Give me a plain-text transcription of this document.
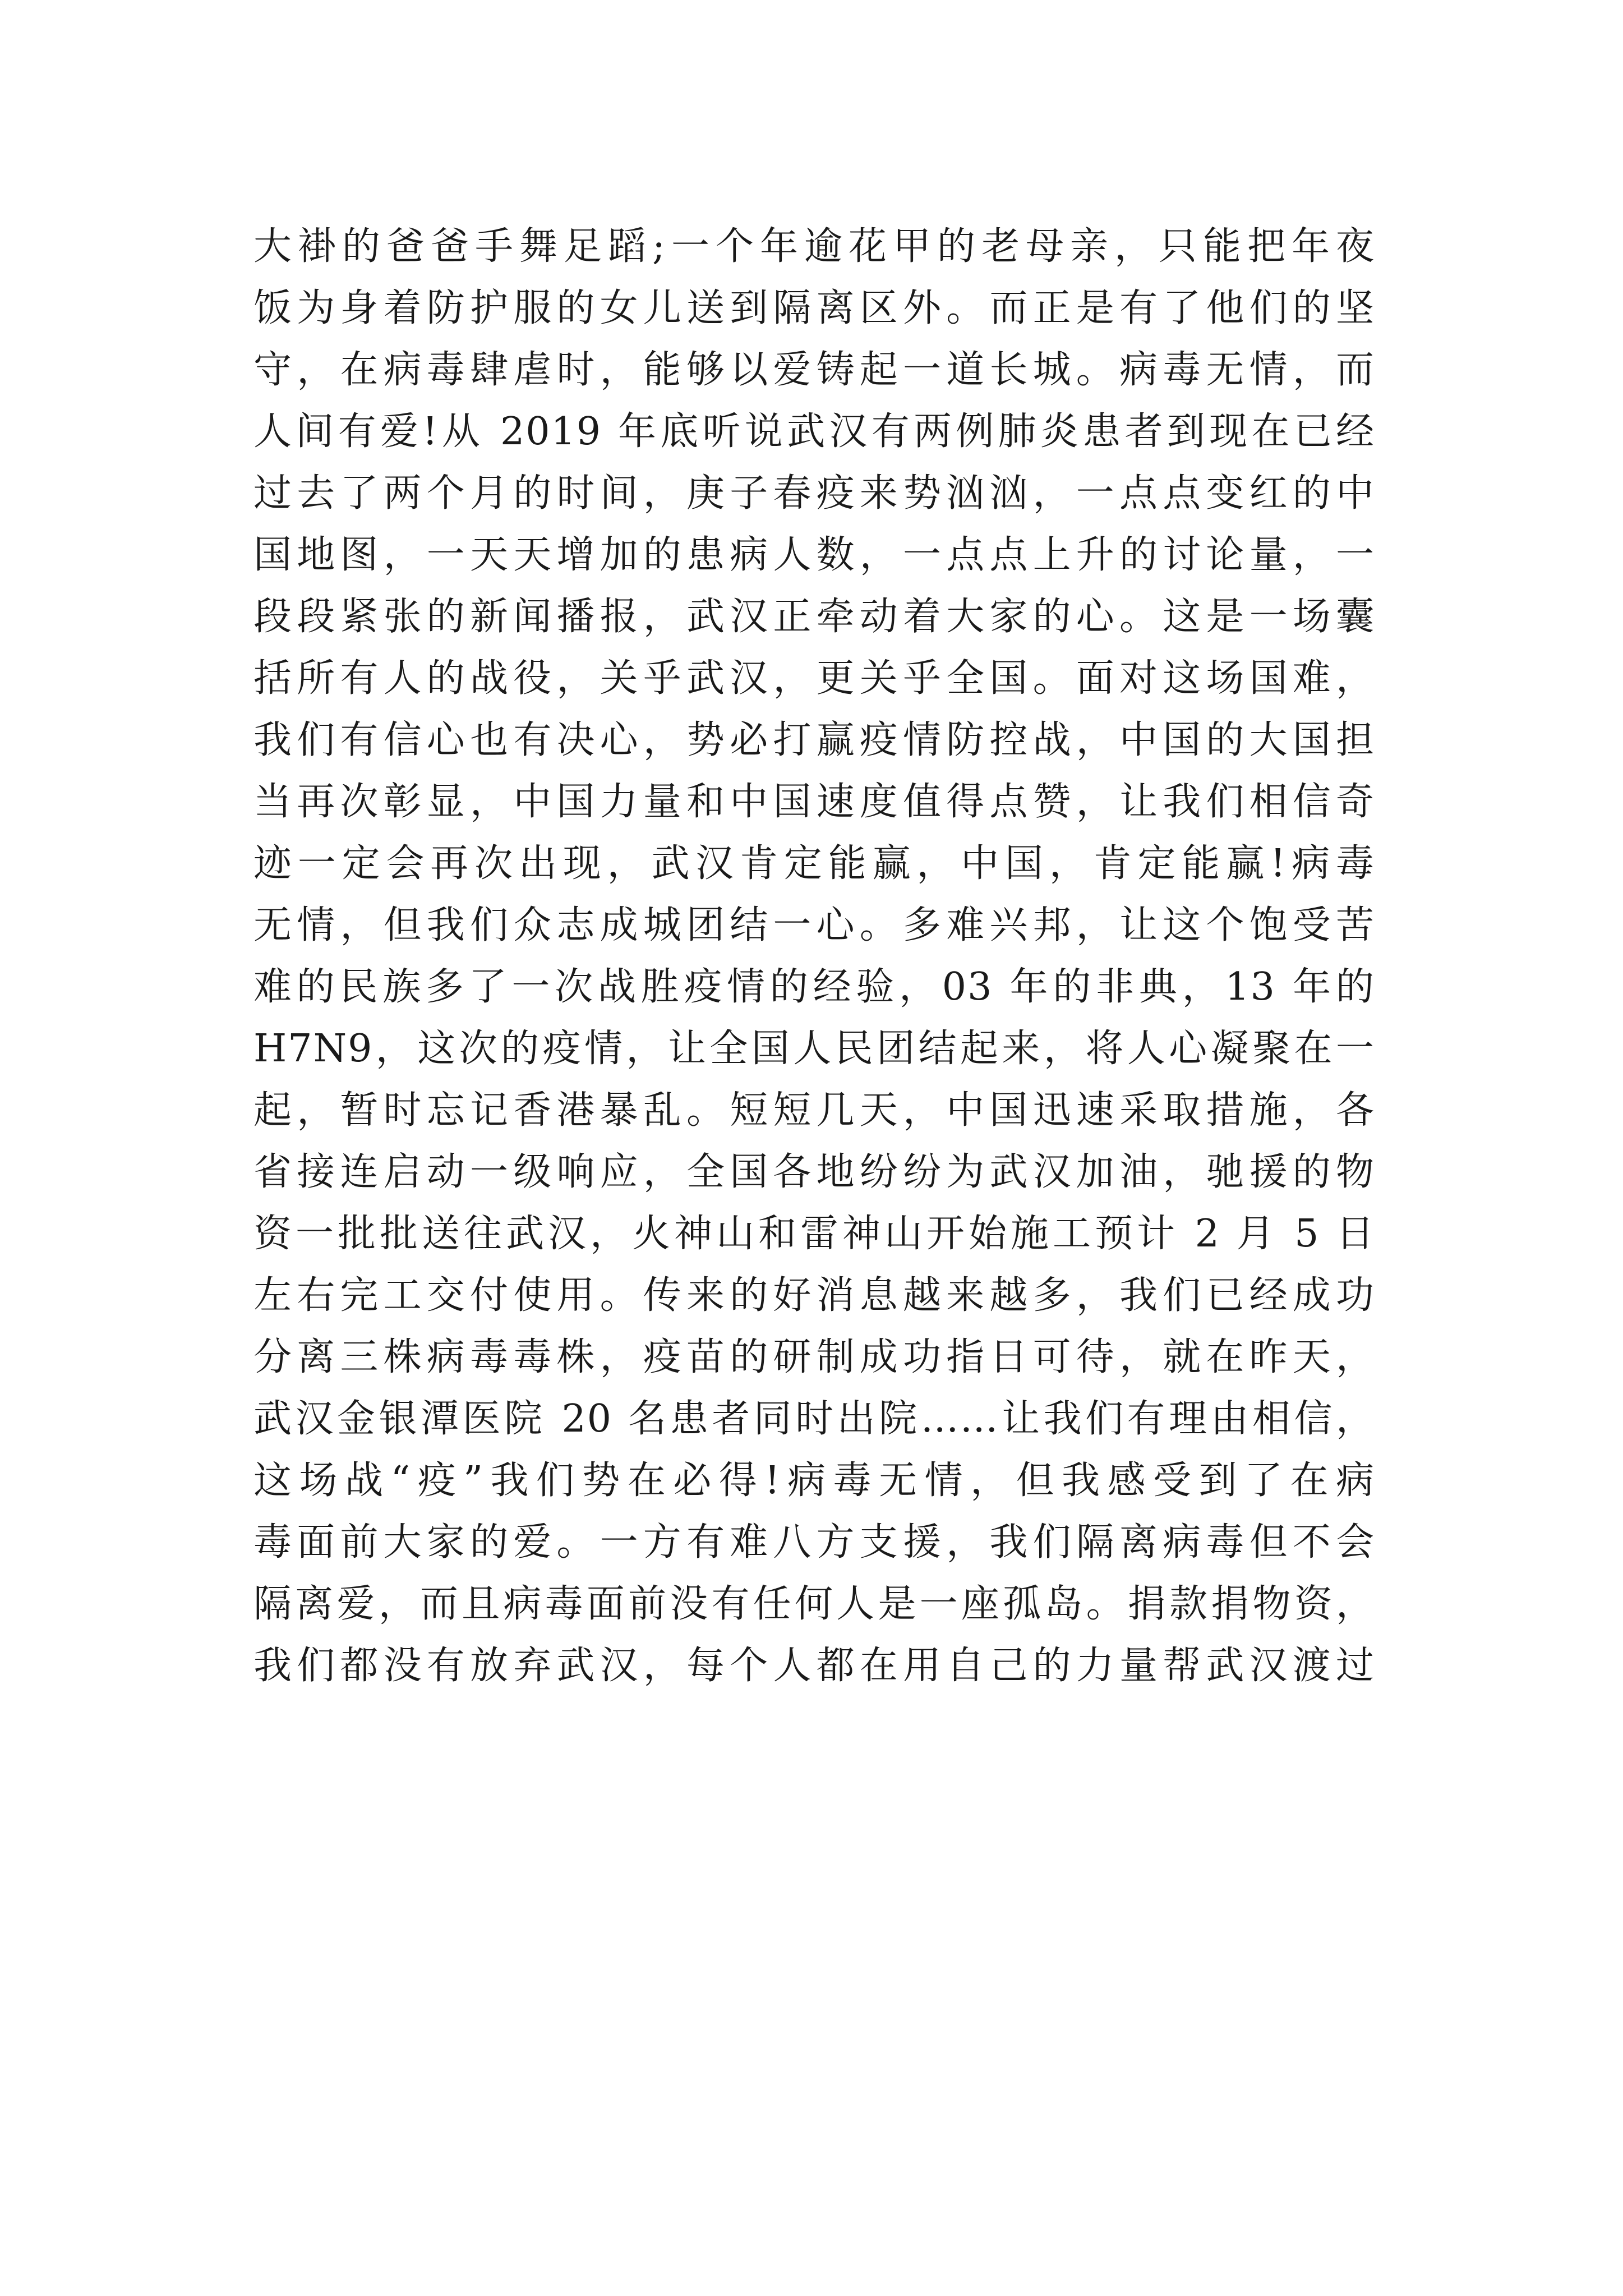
大褂的爸爸手舞足蹈;一个年逾花甲的老母亲，只能把年夜
饭为身着防护服的女儿送到隔离区外。而正是有了他们的坚
守，在病毒肆虐时，能够以爱铸起一道长城。病毒无情，而
人间有爱!从 2019 年底听说武汉有两例肺炎患者到现在已经
过去了两个月的时间，庚子春疫来势汹汹，一点点变红的中
国地图，一天天增加的患病人数，一点点上升的讨论量，一
段段紧张的新闻播报，武汉正牵动着大家的心。这是一场囊
括所有人的战役，关乎武汉，更关乎全国。面对这场国难，
我们有信心也有决心，势必打赢疫情防控战，中国的大国担
当再次彰显，中国力量和中国速度值得点赞，让我们相信奇
迹一定会再次出现，武汉肯定能赢，中国，肯定能赢!病毒
无情，但我们众志成城团结一心。多难兴邦，让这个饱受苦
难的民族多了一次战胜疫情的经验，03 年的非典，13 年的
H7N9，这次的疫情，让全国人民团结起来，将人心凝聚在一
起，暂时忘记香港暴乱。短短几天，中国迅速采取措施，各
省接连启动一级响应，全国各地纷纷为武汉加油，驰援的物
资一批批送往武汉，火神山和雷神山开始施工预计 2 月 5 日
左右完工交付使用。传来的好消息越来越多，我们已经成功
分离三株病毒毒株，疫苗的研制成功指日可待，就在昨天，
武汉金银潭医院 20 名患者同时出院……让我们有理由相信，
这场战“疫”我们势在必得!病毒无情，但我感受到了在病
毒面前大家的爱。一方有难八方支援，我们隔离病毒但不会
隔离爱，而且病毒面前没有任何人是一座孤岛。捐款捐物资，
我们都没有放弃武汉，每个人都在用自己的力量帮武汉渡过
